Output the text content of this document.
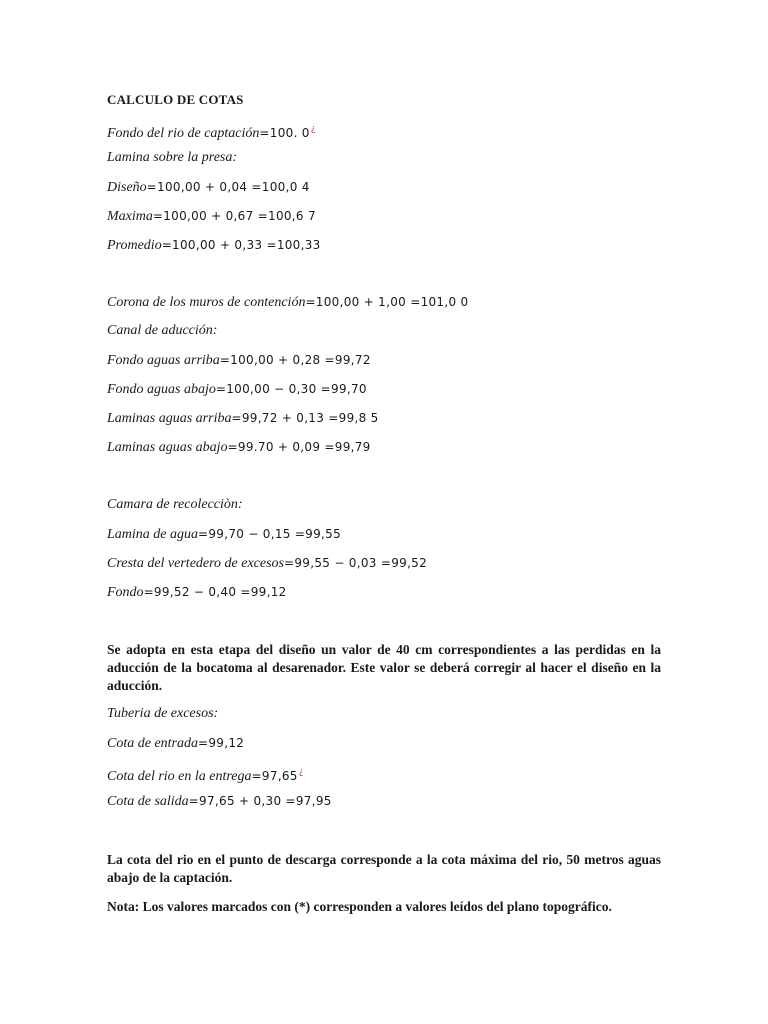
CALCULO DE COTAS
Fondo del rio de captación=100. 0¿
Lamina sobre la presa:
Diseño=100,00 + 0,04 =100,0 4
Maxima=100,00 + 0,67 =100,6 7
Promedio=100,00 + 0,33 =100,33
Corona de los muros de contención=100,00 + 1,00 =101,0 0
Canal de aducción:
Fondo aguas arriba=100,00 + 0,28 =99,72
Fondo aguas abajo=100,00 − 0,30 =99,70
Laminas aguas arriba=99,72 + 0,13 =99,8 5
Laminas aguas abajo=99.70 + 0,09 =99,79
Camara de recolecciòn:
Lamina de agua=99,70 − 0,15 =99,55
Cresta del vertedero de excesos=99,55 − 0,03 =99,52
Fondo=99,52 − 0,40 =99,12
Se adopta en esta etapa del diseño un valor de 40 cm correspondientes a las perdidas en la aducción de la bocatoma al desarenador. Este valor se deberá corregir al hacer el diseño en la aducción.
Tuberia de excesos:
Cota de entrada=99,12
Cota del rio en la entrega=97,65¿
Cota de salida=97,65 + 0,30 =97,95
La cota del rio en el punto de descarga corresponde a la cota máxima del rio, 50 metros aguas abajo de la captación.
Nota: Los valores marcados con (*) corresponden a valores leídos del plano topográfico.
